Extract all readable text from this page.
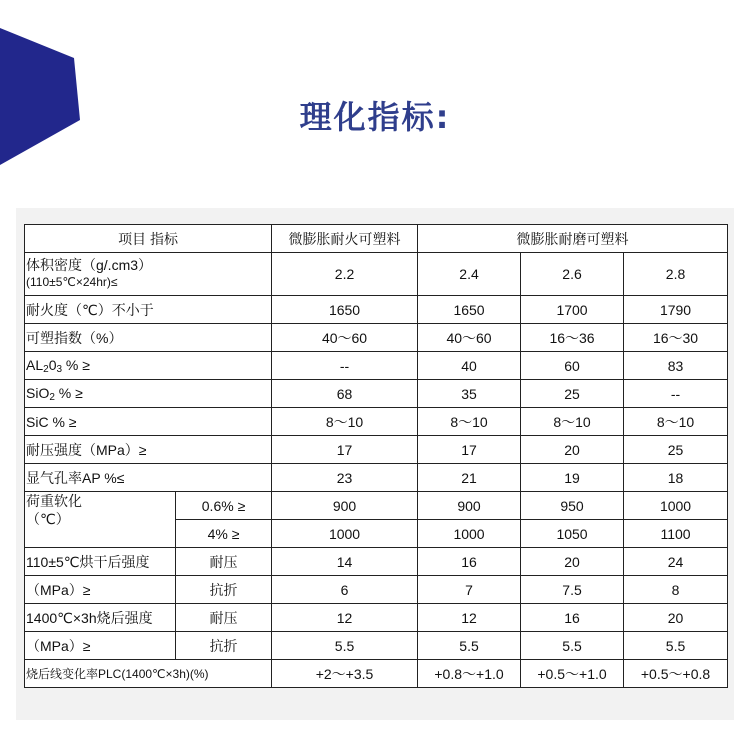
理化指标:
项目 指标		微膨胀耐火可塑料	微膨胀耐磨可塑料		

体积密度（g/.cm3）
(110±5℃×24hr)≤		2.2	2.4	2.6	2.8
耐火度（℃）不小于		1650	1650	1700	1790
可塑指数（%）		40～60	40～60	16～36	16～30
$AL_20_3$ % ≥		--	40	60	83
SiO$_2$ % ≥		68	35	25	--
SiC % ≥		8～10	8～10	8～10	8～10
耐压强度（MPa）≥		17	17	20	25
显气孔率AP %≤		23	21	19	18

荷重软化
（℃）	0.6% ≥	900	900	950	1000
	4% ≥	1000	1000	1050	1100
110±5℃烘干后强度	耐压	14	16	20	24
（MPa）≥	抗折	6	7	7.5	8
1400℃×3h烧后强度	耐压	12	12	16	20
（MPa）≥	抗折	5.5	5.5	5.5	5.5
烧后线变化率PLC(1400℃×3h)(%)		+2～+3.5	+0.8～+1.0	+0.5～+1.0	+0.5～+0.8
